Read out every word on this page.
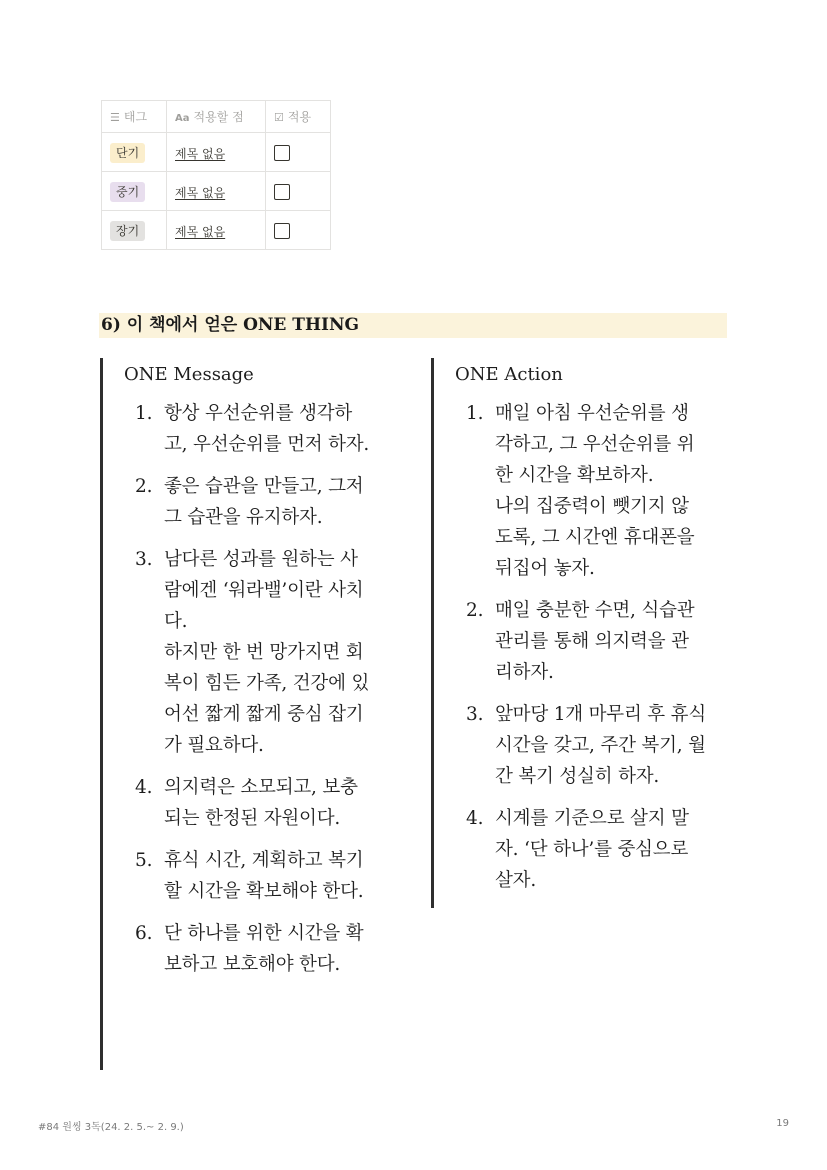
☰ 태그	Aa 적용할 점	☑ 적용
단기	제목 없음	
중기	제목 없음	
장기	제목 없음	
6) 이 책에서 얻은 ONE THING

ONE Message

1. 항상 우선순위를 생각하
고, 우선순위를 먼저 하자.
2. 좋은 습관을 만들고, 그저
그 습관을 유지하자.
3. 남다른 성과를 원하는 사
람에겐 ‘워라밸’이란 사치
다.
하지만 한 번 망가지면 회
복이 힘든 가족, 건강에 있
어선 짧게 짧게 중심 잡기
가 필요하다.
4. 의지력은 소모되고, 보충
되는 한정된 자원이다.
5. 휴식 시간, 계획하고 복기
할 시간을 확보해야 한다.
6. 단 하나를 위한 시간을 확
보하고 보호해야 한다.

ONE Action

1. 매일 아침 우선순위를 생
각하고, 그 우선순위를 위
한 시간을 확보하자.
나의 집중력이 뺏기지 않
도록, 그 시간엔 휴대폰을
뒤집어 놓자.
2. 매일 충분한 수면, 식습관
관리를 통해 의지력을 관
리하자.
3. 앞마당 1개 마무리 후 휴식
시간을 갖고, 주간 복기, 월
간 복기 성실히 하자.
4. 시계를 기준으로 살지 말
자. ‘단 하나’를 중심으로
살자.
#84 원씽 3독(24. 2. 5.~ 2. 9.)	19
